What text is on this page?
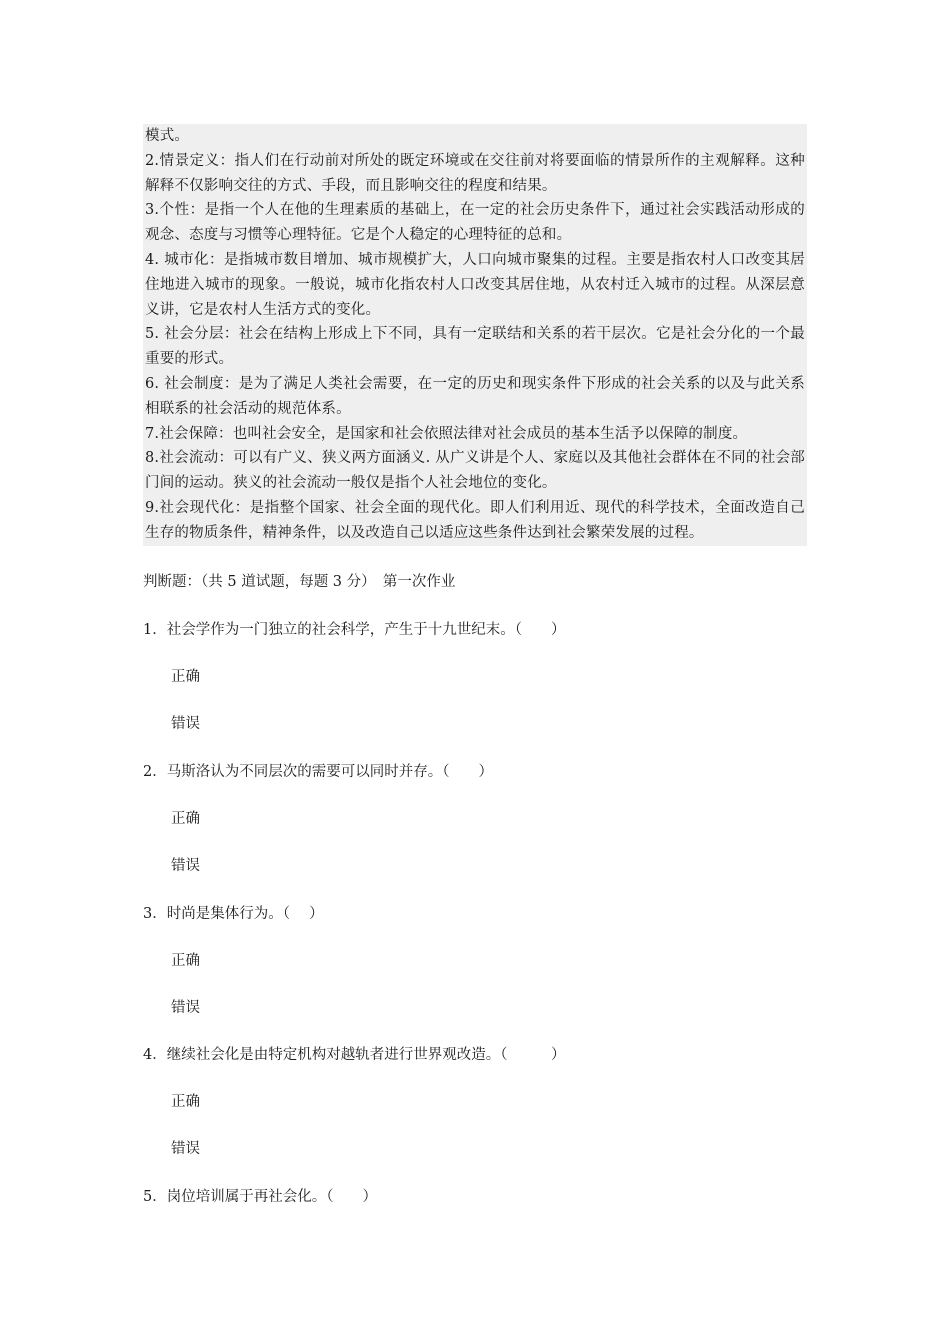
模式。

2.情景定义：指人们在行动前对所处的既定环境或在交往前对将要面临的情景所作的主观解释。这种解释不仅影响交往的方式、手段，而且影响交往的程度和结果。

3.个性：是指一个人在他的生理素质的基础上，在一定的社会历史条件下，通过社会实践活动形成的观念、态度与习惯等心理特征。它是个人稳定的心理特征的总和。

4. 城市化：是指城市数目增加、城市规模扩大，人口向城市聚集的过程。主要是指农村人口改变其居住地进入城市的现象。一般说，城市化指农村人口改变其居住地，从农村迁入城市的过程。从深层意义讲，它是农村人生活方式的变化。

5. 社会分层：社会在结构上形成上下不同，具有一定联结和关系的若干层次。它是社会分化的一个最重要的形式。

6. 社会制度：是为了满足人类社会需要，在一定的历史和现实条件下形成的社会关系的以及与此关系相联系的社会活动的规范体系。

7.社会保障：也叫社会安全，是国家和社会依照法律对社会成员的基本生活予以保障的制度。

8.社会流动：可以有广义、狭义两方面涵义. 从广义讲是个人、家庭以及其他社会群体在不同的社会部门间的运动。狭义的社会流动一般仅是指个人社会地位的变化。

9.社会现代化：是指整个国家、社会全面的现代化。即人们利用近、现代的科学技术，全面改造自己生存的物质条件，精神条件，以及改造自己以适应这些条件达到社会繁荣发展的过程。

判断题：（共 5 道试题，每题 3 分）　第一次作业
1．社会学作为一门独立的社会科学，产生于十九世纪末。（　　）
正确
错误
2．马斯洛认为不同层次的需要可以同时并存。（　　）
正确
错误
3．时尚是集体行为。（　 ）
正确
错误
4．继续社会化是由特定机构对越轨者进行世界观改造。（　　　）
正确
错误
5．岗位培训属于再社会化。（　　）
